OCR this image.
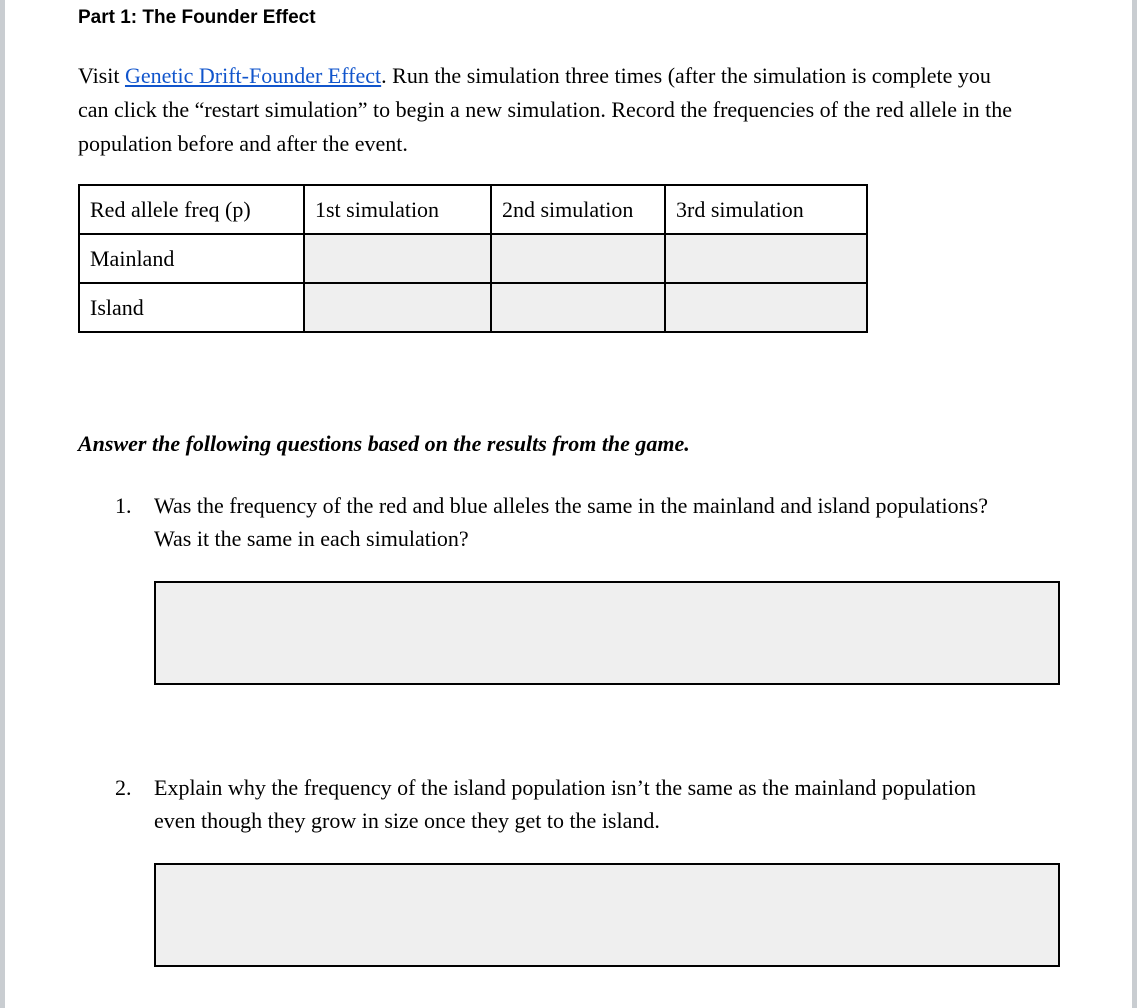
Part 1: The Founder Effect

Visit Genetic Drift-Founder Effect. Run the simulation three times (after the simulation is complete you can click the “restart simulation” to begin a new simulation. Record the frequencies of the red allele in the population before and after the event.

Red allele freq (p)	1st simulation	2nd simulation	3rd simulation
Mainland			
Island			
Answer the following questions based on the results from the game.
1. Was the frequency of the red and blue alleles the same in the mainland and island populations? Was it the same in each simulation?
2. Explain why the frequency of the island population isn’t the same as the mainland population even though they grow in size once they get to the island.
